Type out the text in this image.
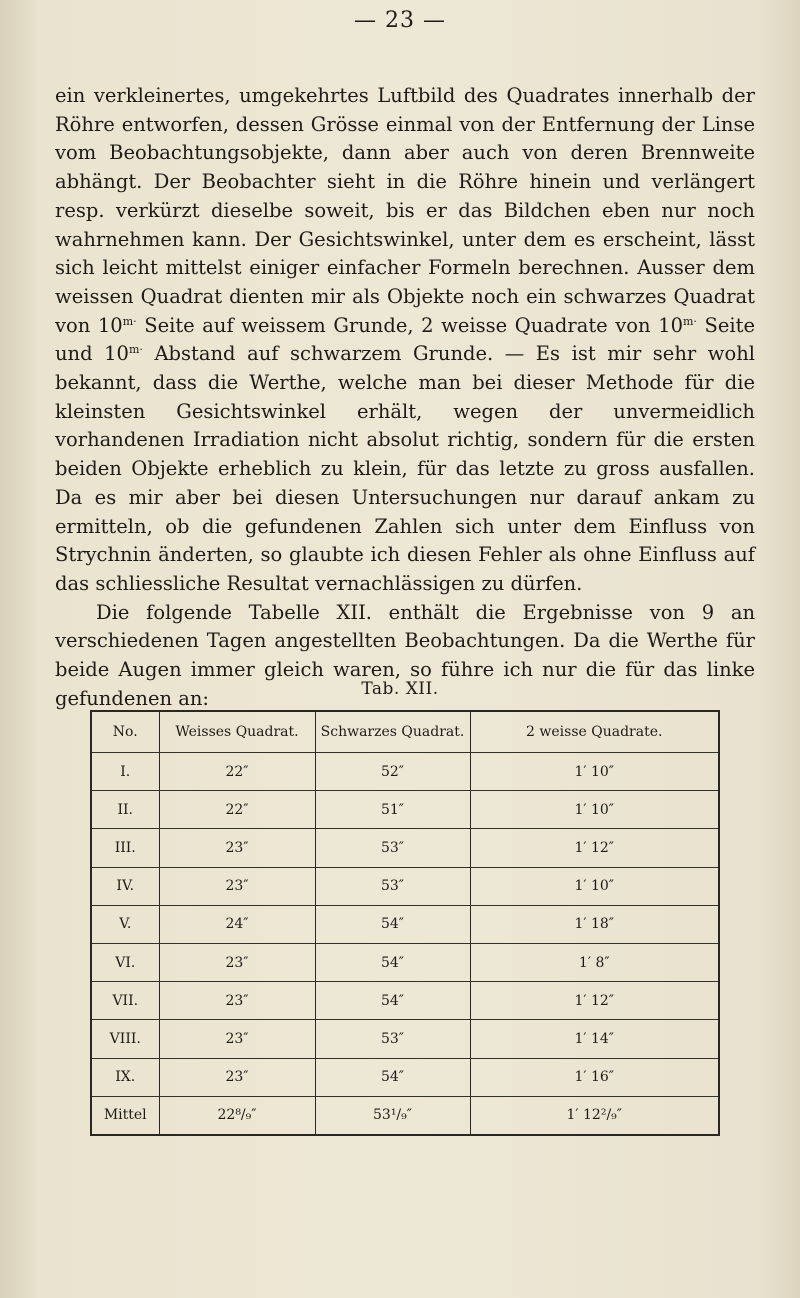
— 23 —

ein verkleinertes, umgekehrtes Luftbild des Quadrates innerhalb der Röhre entworfen, dessen Grösse einmal von der Entfernung der Linse vom Beobachtungsobjekte, dann aber auch von deren Brennweite abhängt. Der Beobachter sieht in die Röhre hinein und verlängert resp. verkürzt dieselbe soweit, bis er das Bildchen eben nur noch wahrnehmen kann. Der Gesichtswinkel, unter dem es erscheint, lässt sich leicht mittelst einiger einfacher Formeln berechnen. Ausser dem weissen Quadrat dienten mir als Objekte noch ein schwarzes Quadrat von $10^{m\cdot}$ Seite auf weissem Grunde, 2 weisse Quadrate von $10^{m\cdot}$ Seite und $10^{m\cdot}$ Abstand auf schwarzem Grunde. — Es ist mir sehr wohl bekannt, dass die Werthe, welche man bei dieser Methode für die kleinsten Gesichtswinkel erhält, wegen der unvermeidlich vorhandenen Irradiation nicht absolut richtig, sondern für die ersten beiden Objekte erheblich zu klein, für das letzte zu gross ausfallen. Da es mir aber bei diesen Untersuchungen nur darauf ankam zu ermitteln, ob die gefundenen Zahlen sich unter dem Einfluss von Strychnin änderten, so glaubte ich diesen Fehler als ohne Einfluss auf das schliessliche Resultat vernachlässigen zu dürfen.

Die folgende Tabelle XII. enthält die Ergebnisse von 9 an verschiedenen Tagen angestellten Beobachtungen. Da die Werthe für beide Augen immer gleich waren, so führe ich nur die für das linke gefundenen an:	Tab. XII.
No.	Weisses Quadrat.	Schwarzes Quadrat.	2 weisse Quadrate.
I.	22″	52″	1′ 10″
II.	22″	51″	1′ 10″
III.	23″	53″	1′ 12″
IV.	23″	53″	1′ 10″
V.	24″	54″	1′ 18″
VI.	23″	54″	1′ 8″
VII.	23″	54″	1′ 12″
VIII.	23″	53″	1′ 14″
IX.	23″	54″	1′ 16″
Mittel	22⁸/₉″	53¹/₉″	1′ 12²/₉″
